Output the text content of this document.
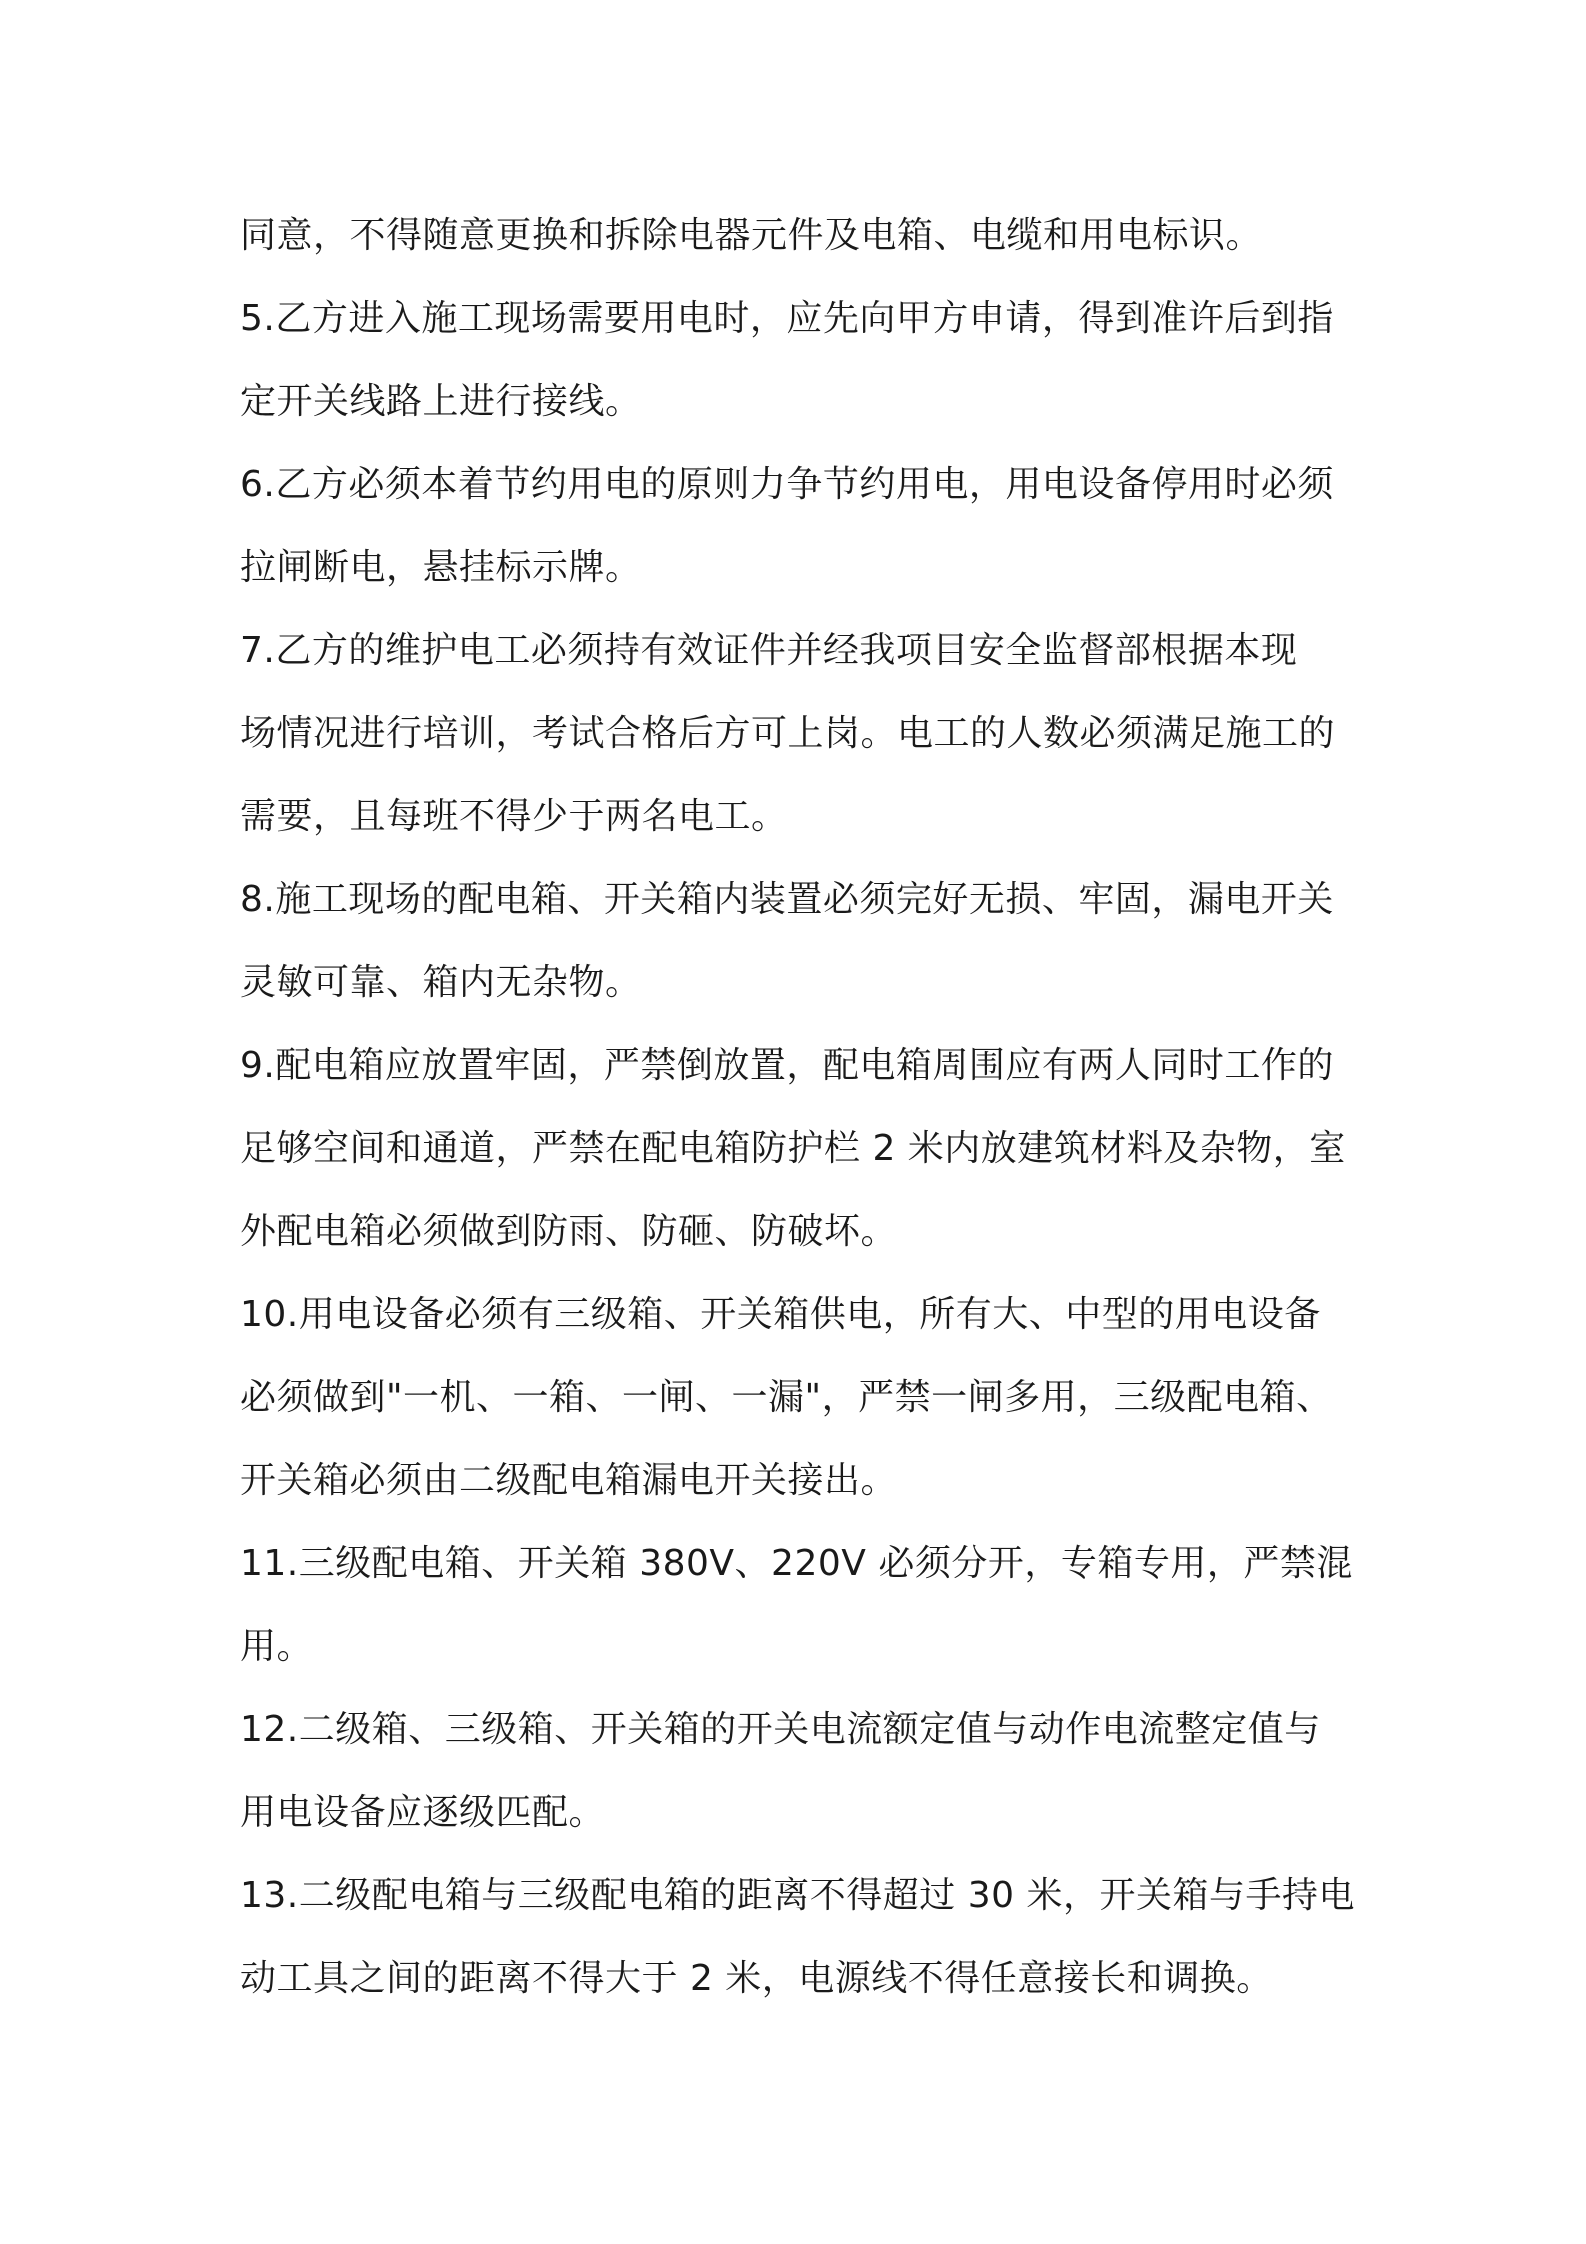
同意，不得随意更换和拆除电器元件及电箱、电缆和用电标识。
5.乙方进入施工现场需要用电时，应先向甲方申请，得到准许后到指
定开关线路上进行接线。
6.乙方必须本着节约用电的原则力争节约用电，用电设备停用时必须
拉闸断电，悬挂标示牌。
7.乙方的维护电工必须持有效证件并经我项目安全监督部根据本现
场情况进行培训，考试合格后方可上岗。电工的人数必须满足施工的
需要，且每班不得少于两名电工。
8.施工现场的配电箱、开关箱内装置必须完好无损、牢固，漏电开关
灵敏可靠、箱内无杂物。
9.配电箱应放置牢固，严禁倒放置，配电箱周围应有两人同时工作的
足够空间和通道，严禁在配电箱防护栏 2 米内放建筑材料及杂物，室
外配电箱必须做到防雨、防砸、防破坏。
10.用电设备必须有三级箱、开关箱供电，所有大、中型的用电设备
必须做到"一机、一箱、一闸、一漏"，严禁一闸多用，三级配电箱、
开关箱必须由二级配电箱漏电开关接出。
11.三级配电箱、开关箱 380V、220V 必须分开，专箱专用，严禁混
用。
12.二级箱、三级箱、开关箱的开关电流额定值与动作电流整定值与
用电设备应逐级匹配。
13.二级配电箱与三级配电箱的距离不得超过 30 米，开关箱与手持电
动工具之间的距离不得大于 2 米，电源线不得任意接长和调换。
